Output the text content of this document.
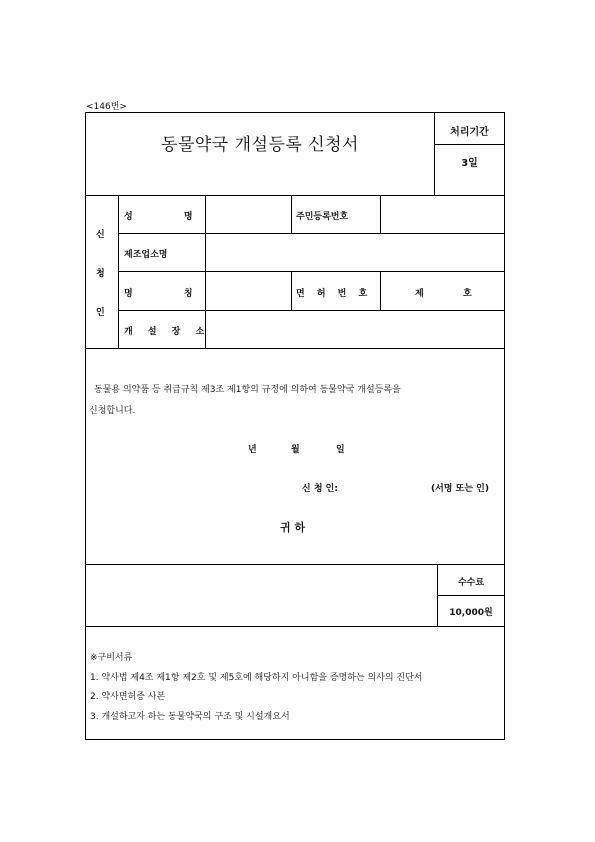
<146번>
동물약국 개설등록 신청서
처리기간
3일
신
청
인
성 명	주민등록번호
제조업소명
명 칭	면 허 번 호	제	호
개 설 장 소
동물용 의약품 등 취급규칙 제3조 제1항의 규정에 의하여 동물약국 개설등록을
신청합니다.
년	월	일
신 청 인:	(서명 또는 인)
귀 하
수수료
10,000원
※구비서류
1. 약사법 제4조 제1항 제2호 및 제5호에 해당하지 아니함을 증명하는 의사의 진단서
2. 약사면허증 사본
3. 개설하고자 하는 동물약국의 구조 및 시설개요서
